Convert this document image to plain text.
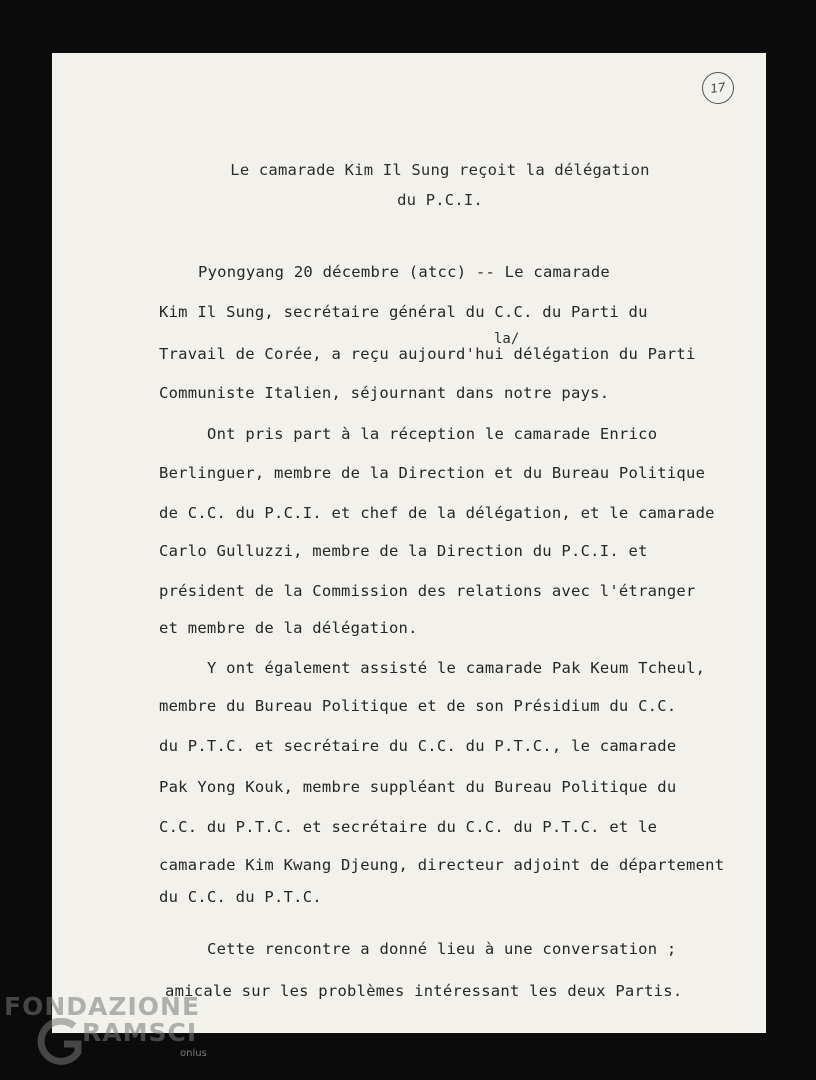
17
Le camarade Kim Il Sung reçoit la délégation
du P.C.I.
la/
Pyongyang 20 décembre (atcc) -- Le camarade
Kim Il Sung, secrétaire général du C.C. du Parti du
Travail de Corée, a reçu aujourd'hui délégation du Parti
Communiste Italien, séjournant dans notre pays.
Ont pris part à la réception le camarade Enrico
Berlinguer, membre de la Direction et du Bureau Politique
de C.C. du P.C.I. et chef de la délégation, et le camarade
Carlo Gulluzzi, membre de la Direction du P.C.I. et
président de la Commission des relations avec l'étranger
et membre de la délégation.
Y ont également assisté le camarade Pak Keum Tcheul,
membre du Bureau Politique et de son Présidium du C.C.
du P.T.C. et secrétaire du C.C. du P.T.C., le camarade
Pak Yong Kouk, membre suppléant du Bureau Politique du
C.C. du P.T.C. et secrétaire du C.C. du P.T.C. et le
camarade Kim Kwang Djeung, directeur adjoint de département
du C.C. du P.T.C.
Cette rencontre a donné lieu à une conversation ;
amicale sur les problèmes intéressant les deux Partis.
FONDAZIONE
RAMSCI
onlus
